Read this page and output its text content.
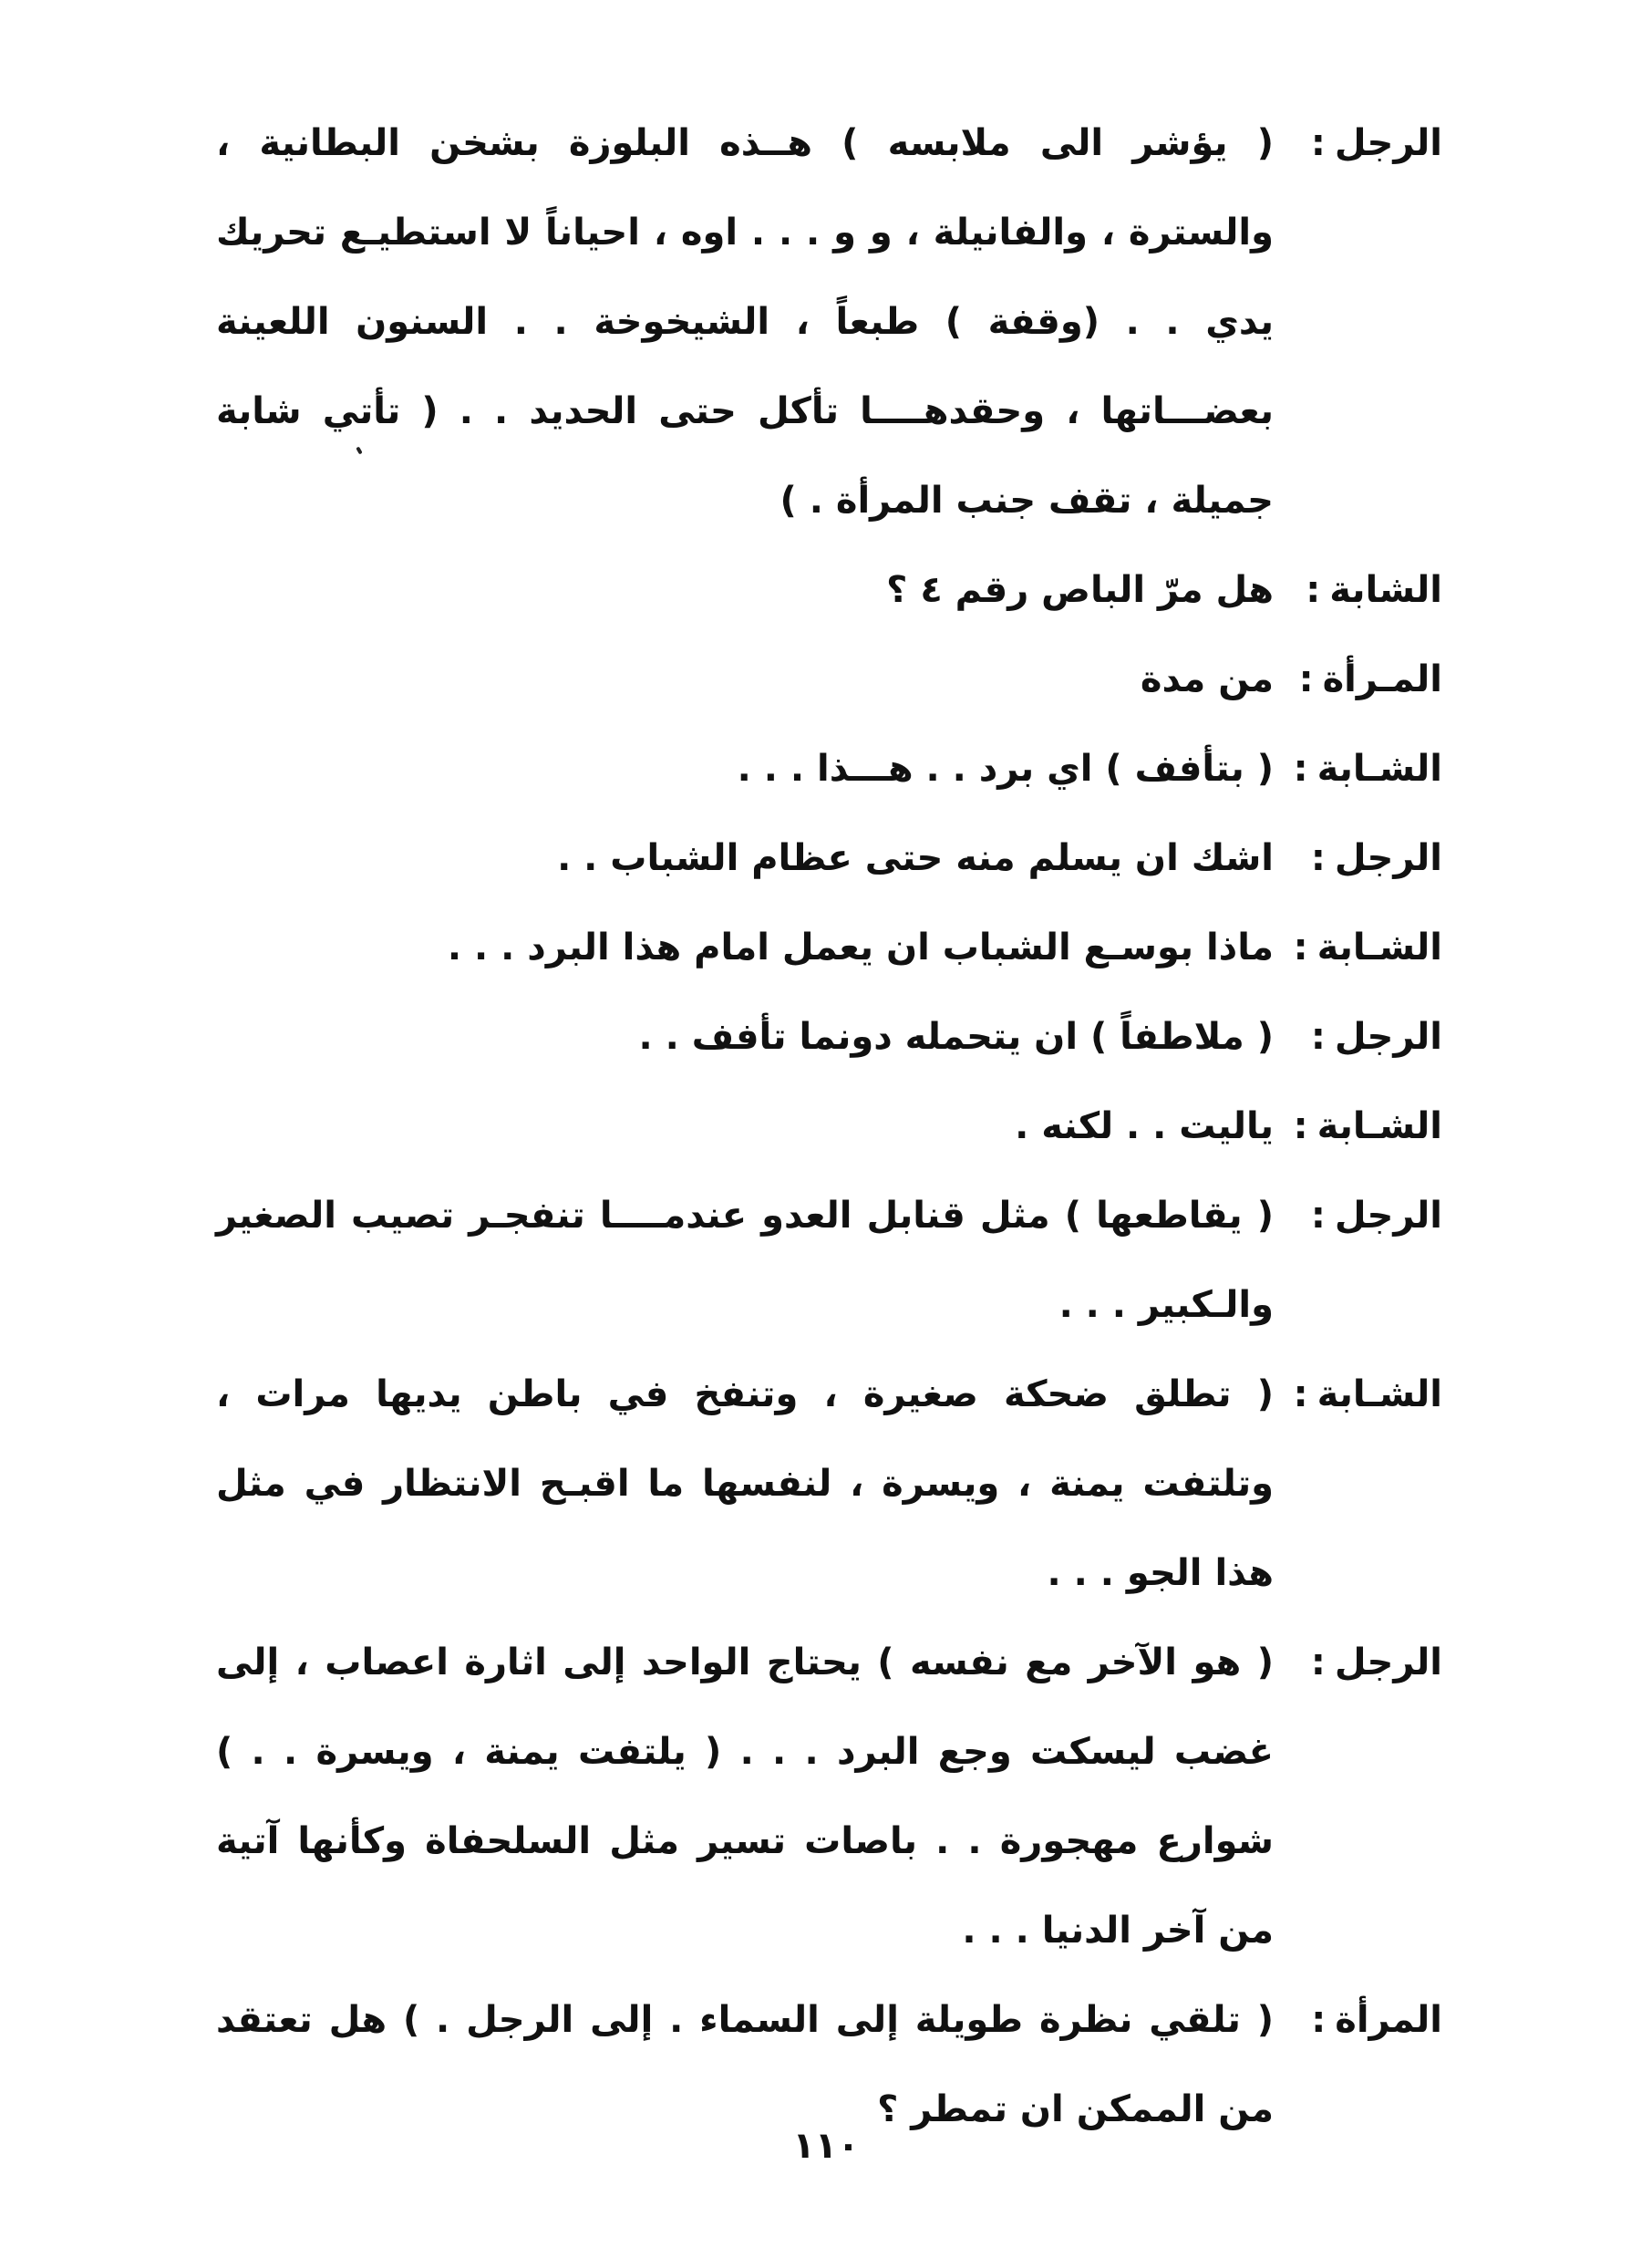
الرجل:
( يؤشر الى ملابسه ) هــذه البلوزة بشخن البطانية ، والسترة ، والفانيلة ، و و . . . اوه ، احياناً لا استطيـع تحريك يدي . . (وقفة ) طبعاً ، الشيخوخة . . السنون اللعينة بعضـــاتها ، وحقدهــــا تأكل حتى الحديد . . ( تأتي شابة جميلة ، تقف جنب المرأة . )
الشابة:
هل مرّ الباص رقم ٤ ؟
المـرأة:
من مدة
الشـابة:
( بتأفف ) اي برد . . هـــذا . . .
الرجل:
اشك ان يسلم منه حتى عظام الشباب . .
الشـابة:
ماذا بوسـع الشباب ان يعمل امام هذا البرد . . .
الرجل:
( ملاطفاً ) ان يتحمله دونما تأفف . .
الشـابة:
ياليت . . لكنه .
الرجل:
( يقاطعها ) مثل قنابل العدو عندمــــا تنفجـر تصيب الصغير والـكبير . . .
الشـابة:
( تطلق ضحكة صغيرة ، وتنفخ في باطن يديها مرات ، وتلتفت يمنة ، ويسرة ، لنفسها ما اقبـح الانتظار في مثل هذا الجو . . .
الرجل:
( هو الآخر مع نفسه ) يحتاج الواحد إلى اثارة اعصاب ، إلى غضب ليسكت وجع البرد . . . ( يلتفت يمنة ، ويسرة . . ) شوارع مهجورة . . باصات تسير مثل السلحفاة وكأنها آتية من آخر الدنيا . . .
المرأة:
( تلقي نظرة طويلة إلى السماء . إلى الرجل . ) هل تعتقد من الممكن ان تمطر ؟
١١٠
